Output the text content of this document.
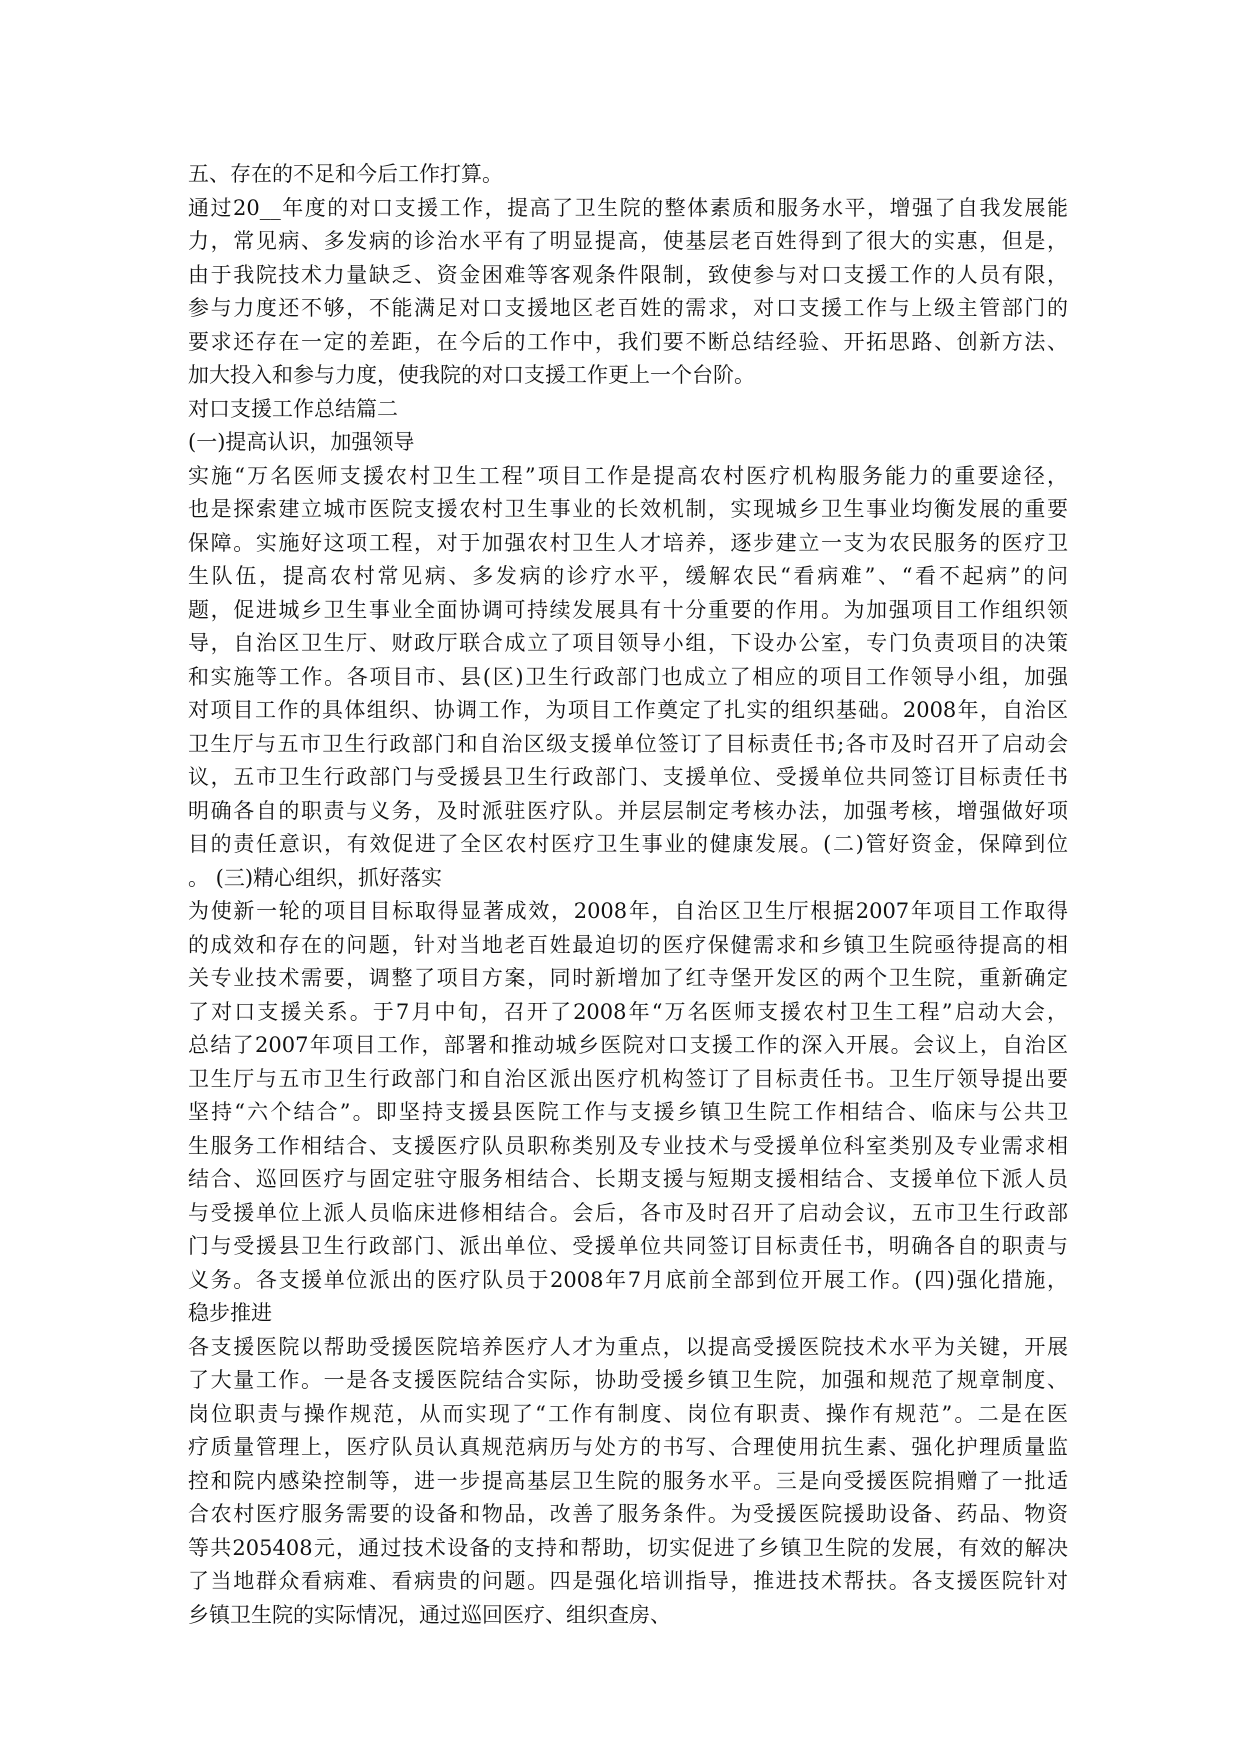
五、存在的不足和今后工作打算。
通过20__年度的对口支援工作，提高了卫生院的整体素质和服务水平，增强了自我发展能
力，常见病、多发病的诊治水平有了明显提高，使基层老百姓得到了很大的实惠，但是，
由于我院技术力量缺乏、资金困难等客观条件限制，致使参与对口支援工作的人员有限，
参与力度还不够，不能满足对口支援地区老百姓的需求，对口支援工作与上级主管部门的
要求还存在一定的差距，在今后的工作中，我们要不断总结经验、开拓思路、创新方法、
加大投入和参与力度，使我院的对口支援工作更上一个台阶。
对口支援工作总结篇二
(一)提高认识，加强领导
实施“万名医师支援农村卫生工程”项目工作是提高农村医疗机构服务能力的重要途径，
也是探索建立城市医院支援农村卫生事业的长效机制，实现城乡卫生事业均衡发展的重要
保障。实施好这项工程，对于加强农村卫生人才培养，逐步建立一支为农民服务的医疗卫
生队伍，提高农村常见病、多发病的诊疗水平，缓解农民“看病难”、“看不起病”的问
题，促进城乡卫生事业全面协调可持续发展具有十分重要的作用。为加强项目工作组织领
导，自治区卫生厅、财政厅联合成立了项目领导小组，下设办公室，专门负责项目的决策
和实施等工作。各项目市、县(区)卫生行政部门也成立了相应的项目工作领导小组，加强
对项目工作的具体组织、协调工作，为项目工作奠定了扎实的组织基础。2008年，自治区
卫生厅与五市卫生行政部门和自治区级支援单位签订了目标责任书;各市及时召开了启动会
议，五市卫生行政部门与受援县卫生行政部门、支援单位、受援单位共同签订目标责任书
明确各自的职责与义务，及时派驻医疗队。并层层制定考核办法，加强考核，增强做好项
目的责任意识，有效促进了全区农村医疗卫生事业的健康发展。(二)管好资金，保障到位
。 (三)精心组织，抓好落实
为使新一轮的项目目标取得显著成效，2008年，自治区卫生厅根据2007年项目工作取得
的成效和存在的问题，针对当地老百姓最迫切的医疗保健需求和乡镇卫生院亟待提高的相
关专业技术需要，调整了项目方案，同时新增加了红寺堡开发区的两个卫生院，重新确定
了对口支援关系。于7月中旬，召开了2008年“万名医师支援农村卫生工程”启动大会，
总结了2007年项目工作，部署和推动城乡医院对口支援工作的深入开展。会议上，自治区
卫生厅与五市卫生行政部门和自治区派出医疗机构签订了目标责任书。卫生厅领导提出要
坚持“六个结合”。即坚持支援县医院工作与支援乡镇卫生院工作相结合、临床与公共卫
生服务工作相结合、支援医疗队员职称类别及专业技术与受援单位科室类别及专业需求相
结合、巡回医疗与固定驻守服务相结合、长期支援与短期支援相结合、支援单位下派人员
与受援单位上派人员临床进修相结合。会后，各市及时召开了启动会议，五市卫生行政部
门与受援县卫生行政部门、派出单位、受援单位共同签订目标责任书，明确各自的职责与
义务。各支援单位派出的医疗队员于2008年7月底前全部到位开展工作。(四)强化措施，
稳步推进
各支援医院以帮助受援医院培养医疗人才为重点，以提高受援医院技术水平为关键，开展
了大量工作。一是各支援医院结合实际，协助受援乡镇卫生院，加强和规范了规章制度、
岗位职责与操作规范，从而实现了“工作有制度、岗位有职责、操作有规范”。二是在医
疗质量管理上，医疗队员认真规范病历与处方的书写、合理使用抗生素、强化护理质量监
控和院内感染控制等，进一步提高基层卫生院的服务水平。三是向受援医院捐赠了一批适
合农村医疗服务需要的设备和物品，改善了服务条件。为受援医院援助设备、药品、物资
等共205408元，通过技术设备的支持和帮助，切实促进了乡镇卫生院的发展，有效的解决
了当地群众看病难、看病贵的问题。四是强化培训指导，推进技术帮扶。各支援医院针对
乡镇卫生院的实际情况，通过巡回医疗、组织查房、
